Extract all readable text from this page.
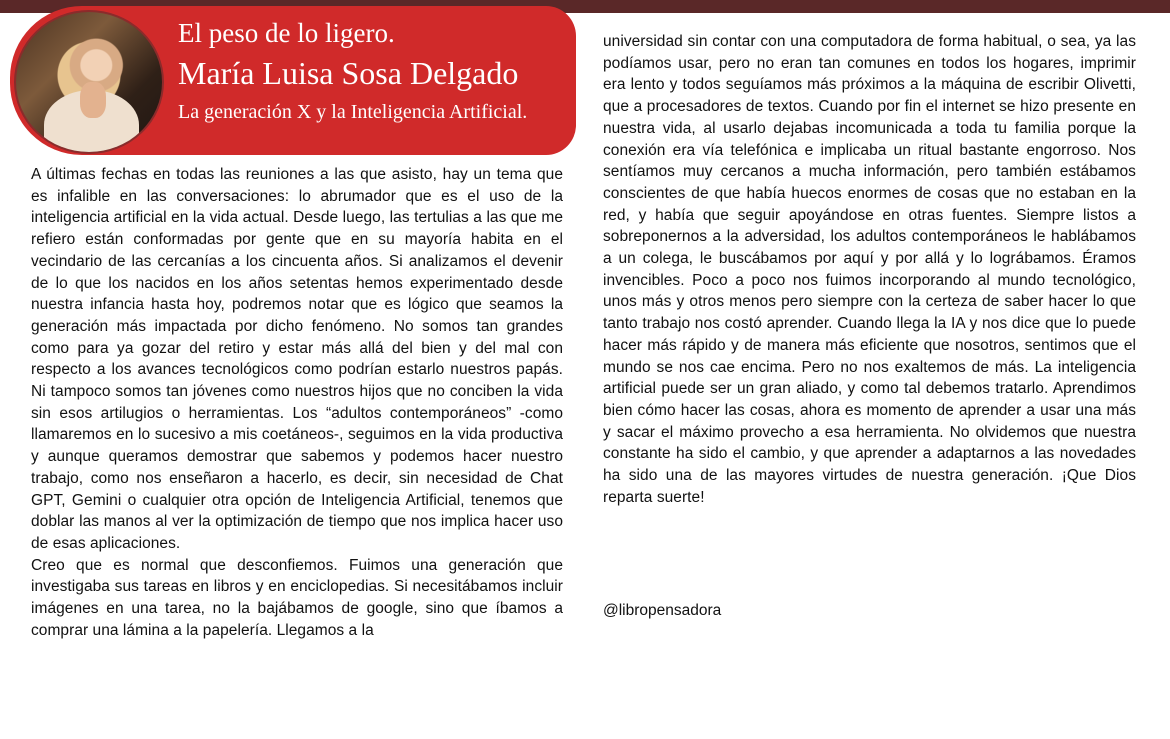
El peso de lo ligero.
María Luisa Sosa Delgado
La generación X y la Inteligencia Artificial.

A últimas fechas en todas las reuniones a las que asisto, hay un tema que es infalible en las conversaciones: lo abrumador que es el uso de la inteligencia artificial en la vida actual. Desde luego, las tertulias a las que me refiero están conformadas por gente que en su mayoría habita en el vecindario de las cercanías a los cincuenta años. Si analizamos el devenir de lo que los nacidos en los años setentas hemos experimentado desde nuestra infancia hasta hoy, podremos notar que es lógico que seamos la generación más impactada por dicho fenómeno. No somos tan grandes como para ya gozar del retiro y estar más allá del bien y del mal con respecto a los avances tecnológicos como podrían estarlo nuestros papás. Ni tampoco somos tan jóvenes como nuestros hijos que no conciben la vida sin esos artilugios o herramientas. Los “adultos contemporáneos” -como llamaremos en lo sucesivo a mis coetáneos-, seguimos en la vida productiva y aunque queramos demostrar que sabemos y podemos hacer nuestro trabajo, como nos enseñaron a hacerlo, es decir, sin necesidad de Chat GPT, Gemini o cualquier otra opción de Inteligencia Artificial, tenemos que doblar las manos al ver la optimización de tiempo que nos implica hacer uso de esas aplicaciones.

Creo que es normal que desconfiemos. Fuimos una generación que investigaba sus tareas en libros y en enciclopedias. Si necesitábamos incluir imágenes en una tarea, no la bajábamos de google, sino que íbamos a comprar una lámina a la papelería. Llegamos a la

universidad sin contar con una computadora de forma habitual, o sea, ya las podíamos usar, pero no eran tan comunes en todos los hogares, imprimir era lento y todos seguíamos más próximos a la máquina de escribir Olivetti, que a procesadores de textos. Cuando por fin el internet se hizo presente en nuestra vida, al usarlo dejabas incomunicada a toda tu familia porque la conexión era vía telefónica e implicaba un ritual bastante engorroso. Nos sentíamos muy cercanos a mucha información, pero también estábamos conscientes de que había huecos enormes de cosas que no estaban en la red, y había que seguir apoyándose en otras fuentes. Siempre listos a sobreponernos a la adversidad, los adultos contemporáneos le hablábamos a un colega, le buscábamos por aquí y por allá y lo lográbamos. Éramos invencibles. Poco a poco nos fuimos incorporando al mundo tecnológico, unos más y otros menos pero siempre con la certeza de saber hacer lo que tanto trabajo nos costó aprender. Cuando llega la IA y nos dice que lo puede hacer más rápido y de manera más eficiente que nosotros, sentimos que el mundo se nos cae encima. Pero no nos exaltemos de más. La inteligencia artificial puede ser un gran aliado, y como tal debemos tratarlo. Aprendimos bien cómo hacer las cosas, ahora es momento de aprender a usar una más y sacar el máximo provecho a esa herramienta. No olvidemos que nuestra constante ha sido el cambio, y que aprender a adaptarnos a las novedades ha sido una de las mayores virtudes de nuestra generación. ¡Que Dios reparta suerte!

@libropensadora
